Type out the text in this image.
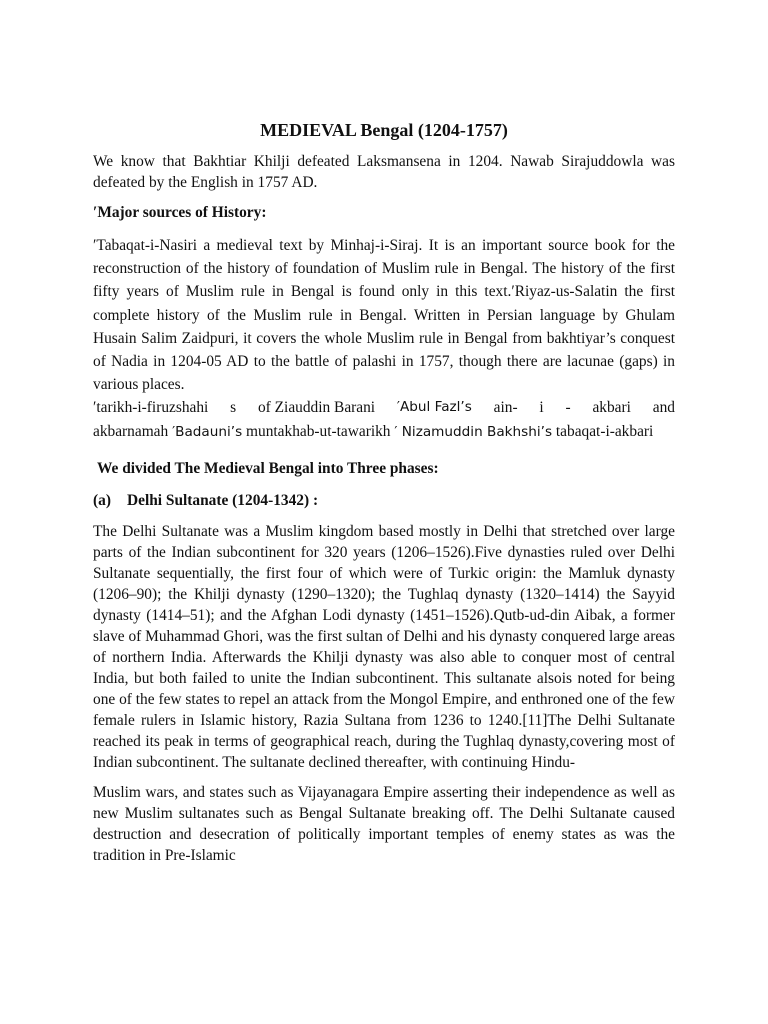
MEDIEVAL Bengal (1204-1757)

We know that Bakhtiar Khilji defeated Laksmansena in 1204. Nawab Sirajuddowla was defeated by the English in 1757 AD.

′Major sources of History:

′Tabaqat-i-Nasiri a medieval text by Minhaj-i-Siraj. It is an important source book for the reconstruction of the history of foundation of Muslim rule in Bengal. The history of the first fifty years of Muslim rule in Bengal is found only in this text.′Riyaz-us-Salatin the first complete history of the Muslim rule in Bengal. Written in Persian language by Ghulam Husain Salim Zaidpuri, it covers the whole Muslim rule in Bengal from bakhtiyar’s conquest of Nadia in 1204-05 AD to the battle of palashi in 1757, though there are lacunae (gaps) in various places.

′tarikh-i-firuzshahi s of Ziauddin Barani ′Abul Fazl’s ain- i - akbari and

akbarnamah ′Badauni’s muntakhab-ut-tawarikh ′ Nizamuddin Bakhshi’s tabaqat-i-akbari

We divided The Medieval Bengal into Three phases:
(a) Delhi Sultanate (1204-1342) :

The Delhi Sultanate was a Muslim kingdom based mostly in Delhi that stretched over large parts of the Indian subcontinent for 320 years (1206–1526).Five dynasties ruled over Delhi Sultanate sequentially, the first four of which were of Turkic origin: the Mamluk dynasty (1206–90); the Khilji dynasty (1290–1320); the Tughlaq dynasty (1320–1414) the Sayyid dynasty (1414–51); and the Afghan Lodi dynasty (1451–1526).Qutb-ud-din Aibak, a former slave of Muhammad Ghori, was the first sultan of Delhi and his dynasty conquered large areas of northern India. Afterwards the Khilji dynasty was also able to conquer most of central India, but both failed to unite the Indian subcontinent. This sultanate alsois noted for being one of the few states to repel an attack from the Mongol Empire, and enthroned one of the few female rulers in Islamic history, Razia Sultana from 1236 to 1240.[11]The Delhi Sultanate reached its peak in terms of geographical reach, during the Tughlaq dynasty,covering most of Indian subcontinent. The sultanate declined thereafter, with continuing Hindu-

Muslim wars, and states such as Vijayanagara Empire asserting their independence as well as new Muslim sultanates such as Bengal Sultanate breaking off. The Delhi Sultanate caused destruction and desecration of politically important temples of enemy states as was the tradition in Pre-Islamic
